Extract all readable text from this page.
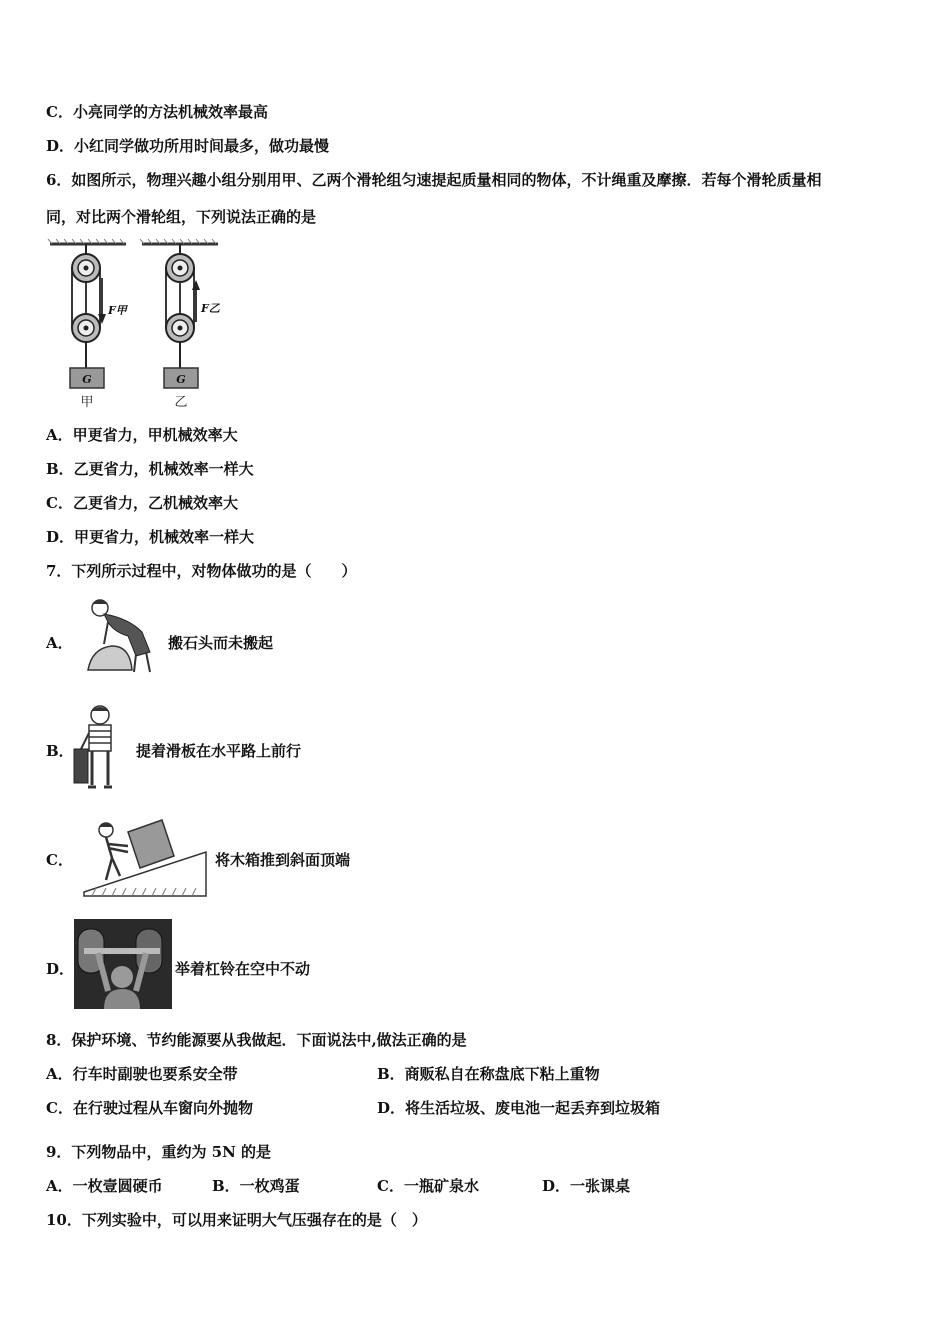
C．小亮同学的方法机械效率最高
D．小红同学做功所用时间最多，做功最慢
6．如图所示，物理兴趣小组分别用甲、乙两个滑轮组匀速提起质量相同的物体，不计绳重及摩擦．若每个滑轮质量相
同，对比两个滑轮组，下列说法正确的是
G
F甲
甲
G
F乙
乙
A．甲更省力，甲机械效率大
B．乙更省力，机械效率一样大
C．乙更省力，乙机械效率大
D．甲更省力，机械效率一样大
7．下列所示过程中，对物体做功的是（　　）
A．	搬石头而未搬起
B．	提着滑板在水平路上前行
C．	将木箱推到斜面顶端
D．	举着杠铃在空中不动
8．保护环境、节约能源要从我做起．下面说法中,做法正确的是
A．行车时副驶也要系安全带	B．商贩私自在称盘底下粘上重物
C．在行驶过程从车窗向外抛物	D．将生活垃圾、废电池一起丢弃到垃圾箱
9．下列物品中，重约为 5N 的是
A．一枚壹圆硬币	B．一枚鸡蛋	C．一瓶矿泉水	D．一张课桌
10．下列实验中，可以用来证明大气压强存在的是（　）
